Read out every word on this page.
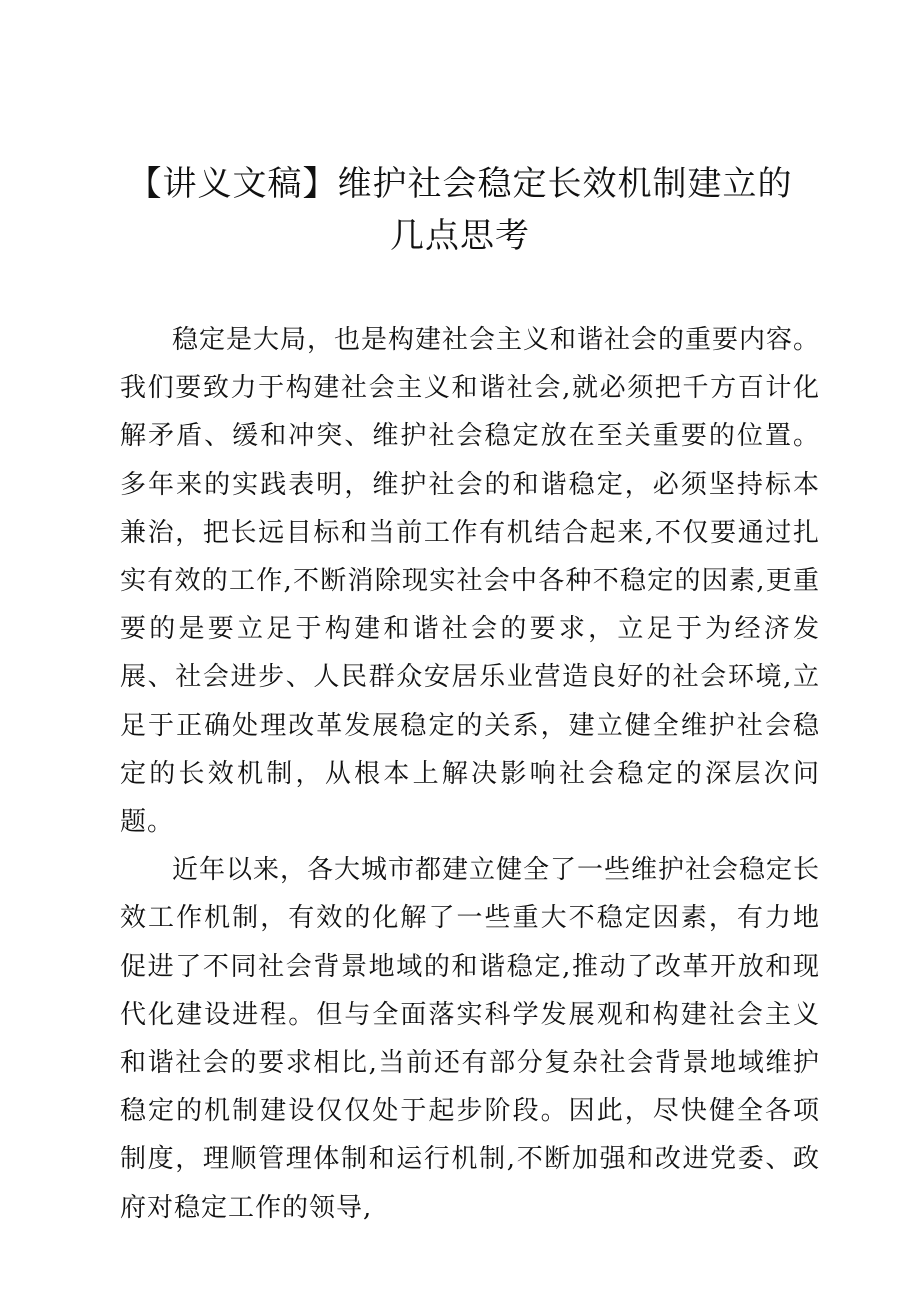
【讲义文稿】维护社会稳定长效机制建立的几点思考

稳定是大局，也是构建社会主义和谐社会的重要内容。我们要致力于构建社会主义和谐社会,就必须把千方百计化解矛盾、缓和冲突、维护社会稳定放在至关重要的位置。多年来的实践表明，维护社会的和谐稳定，必须坚持标本兼治，把长远目标和当前工作有机结合起来,不仅要通过扎实有效的工作,不断消除现实社会中各种不稳定的因素,更重要的是要立足于构建和谐社会的要求，立足于为经济发展、社会进步、人民群众安居乐业营造良好的社会环境,立足于正确处理改革发展稳定的关系，建立健全维护社会稳定的长效机制，从根本上解决影响社会稳定的深层次问题。

近年以来，各大城市都建立健全了一些维护社会稳定长效工作机制，有效的化解了一些重大不稳定因素，有力地促进了不同社会背景地域的和谐稳定,推动了改革开放和现代化建设进程。但与全面落实科学发展观和构建社会主义和谐社会的要求相比,当前还有部分复杂社会背景地域维护稳定的机制建设仅仅处于起步阶段。因此，尽快健全各项制度，理顺管理体制和运行机制,不断加强和改进党委、政府对稳定工作的领导,
